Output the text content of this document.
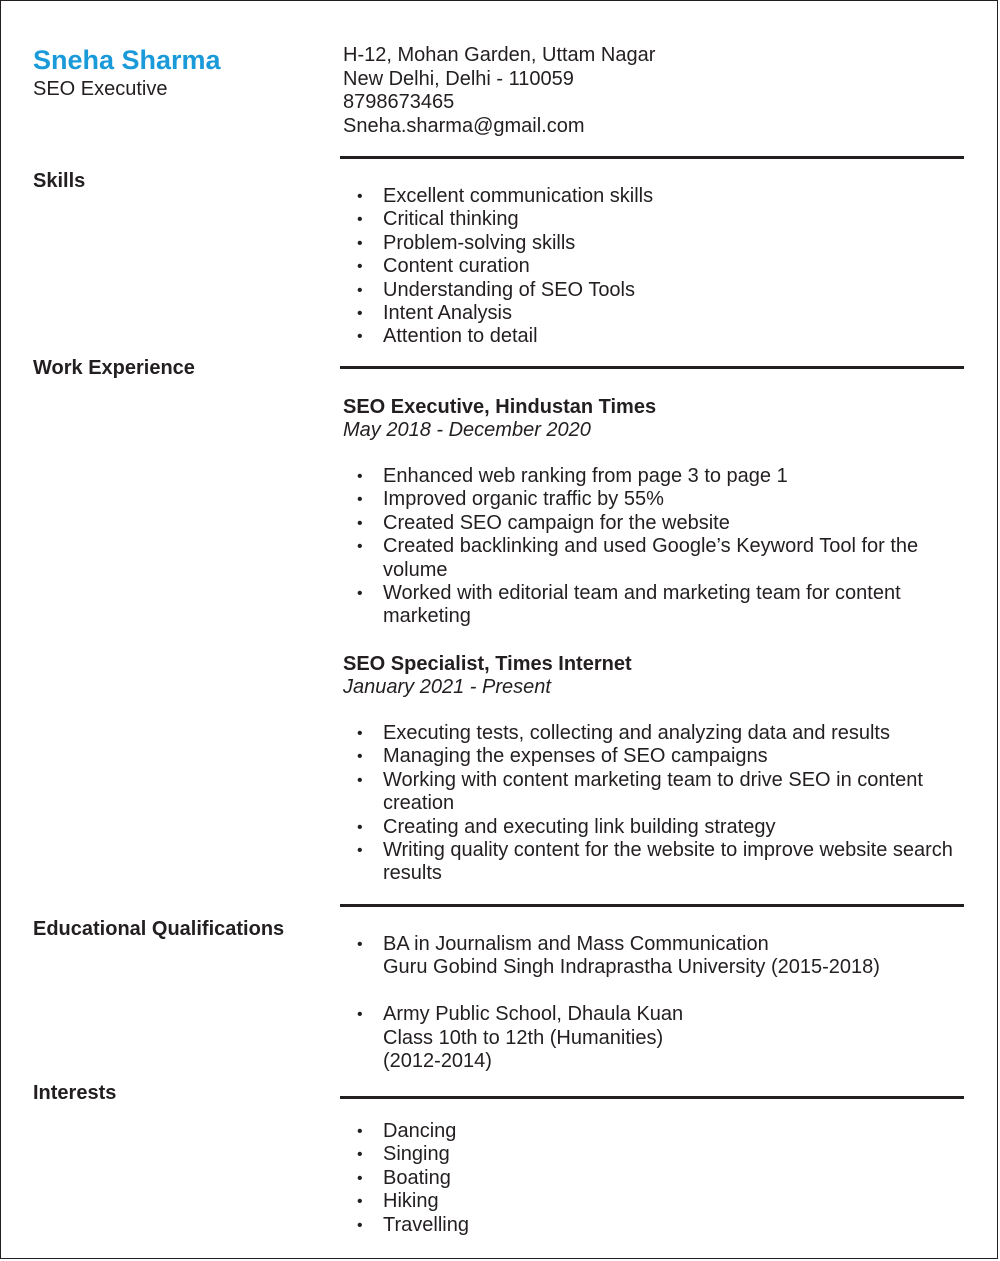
Sneha Sharma
SEO Executive
H-12, Mohan Garden, Uttam Nagar
New Delhi, Delhi - 110059
8798673465
Sneha.sharma@gmail.com
Skills
• Excellent communication skills
• Critical thinking
• Problem-solving skills
• Content curation
• Understanding of SEO Tools
• Intent Analysis
• Attention to detail
Work Experience
SEO Executive, Hindustan Times
May 2018 - December 2020
• Enhanced web ranking from page 3 to page 1
• Improved organic traffic by 55%
• Created SEO campaign for the website
• Created backlinking and used Google’s Keyword Tool for the volume
• Worked with editorial team and marketing team for content marketing
SEO Specialist, Times Internet
January 2021 - Present
• Executing tests, collecting and analyzing data and results
• Managing the expenses of SEO campaigns
• Working with content marketing team to drive SEO in content creation
• Creating and executing link building strategy
• Writing quality content for the website to improve website search results
Educational Qualifications
• BA in Journalism and Mass Communication
Guru Gobind Singh Indraprastha University (2015-2018)
• Army Public School, Dhaula Kuan
Class 10th to 12th (Humanities)
(2012-2014)
Interests
• Dancing
• Singing
• Boating
• Hiking
• Travelling
